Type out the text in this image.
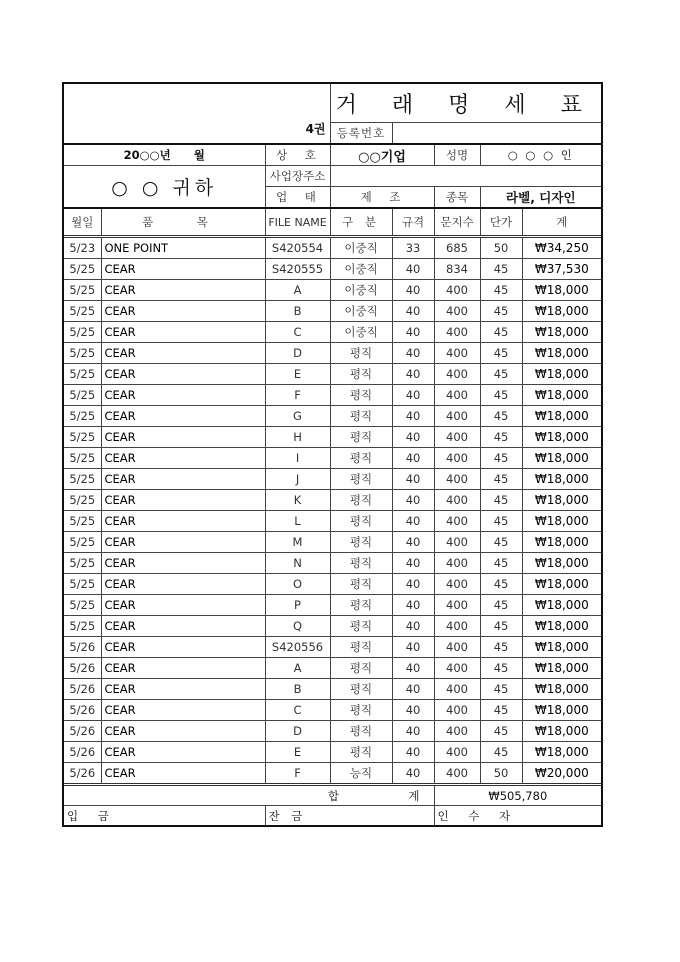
4권			거 래 명 세 표				
			등록번호				
20○○년　　월		상　호	○○기업		성명	○ ○ ○ 인	
○ ○ 귀하		사업장주소					
		업　태	제　조		종목	라벨, 디자인	
월일	품　목	FILE NAME	구 분	규격	문지수	단가	계
5/23	ONE POINT	S420554	이중직	33	685	50	₩34,250
5/25	CEAR	S420555	이중직	40	834	45	₩37,530
5/25	CEAR	A	이중직	40	400	45	₩18,000
5/25	CEAR	B	이중직	40	400	45	₩18,000
5/25	CEAR	C	이중직	40	400	45	₩18,000
5/25	CEAR	D	평직	40	400	45	₩18,000
5/25	CEAR	E	평직	40	400	45	₩18,000
5/25	CEAR	F	평직	40	400	45	₩18,000
5/25	CEAR	G	평직	40	400	45	₩18,000
5/25	CEAR	H	평직	40	400	45	₩18,000
5/25	CEAR	I	평직	40	400	45	₩18,000
5/25	CEAR	J	평직	40	400	45	₩18,000
5/25	CEAR	K	평직	40	400	45	₩18,000
5/25	CEAR	L	평직	40	400	45	₩18,000
5/25	CEAR	M	평직	40	400	45	₩18,000
5/25	CEAR	N	평직	40	400	45	₩18,000
5/25	CEAR	O	평직	40	400	45	₩18,000
5/25	CEAR	P	평직	40	400	45	₩18,000
5/25	CEAR	Q	평직	40	400	45	₩18,000
5/26	CEAR	S420556	평직	40	400	45	₩18,000
5/26	CEAR	A	평직	40	400	45	₩18,000
5/26	CEAR	B	평직	40	400	45	₩18,000
5/26	CEAR	C	평직	40	400	45	₩18,000
5/26	CEAR	D	평직	40	400	45	₩18,000
5/26	CEAR	E	평직	40	400	45	₩18,000
5/26	CEAR	F	능직	40	400	50	₩20,000
합　　　　　계					₩505,780		
입 금		잔 금			인 수 자		
